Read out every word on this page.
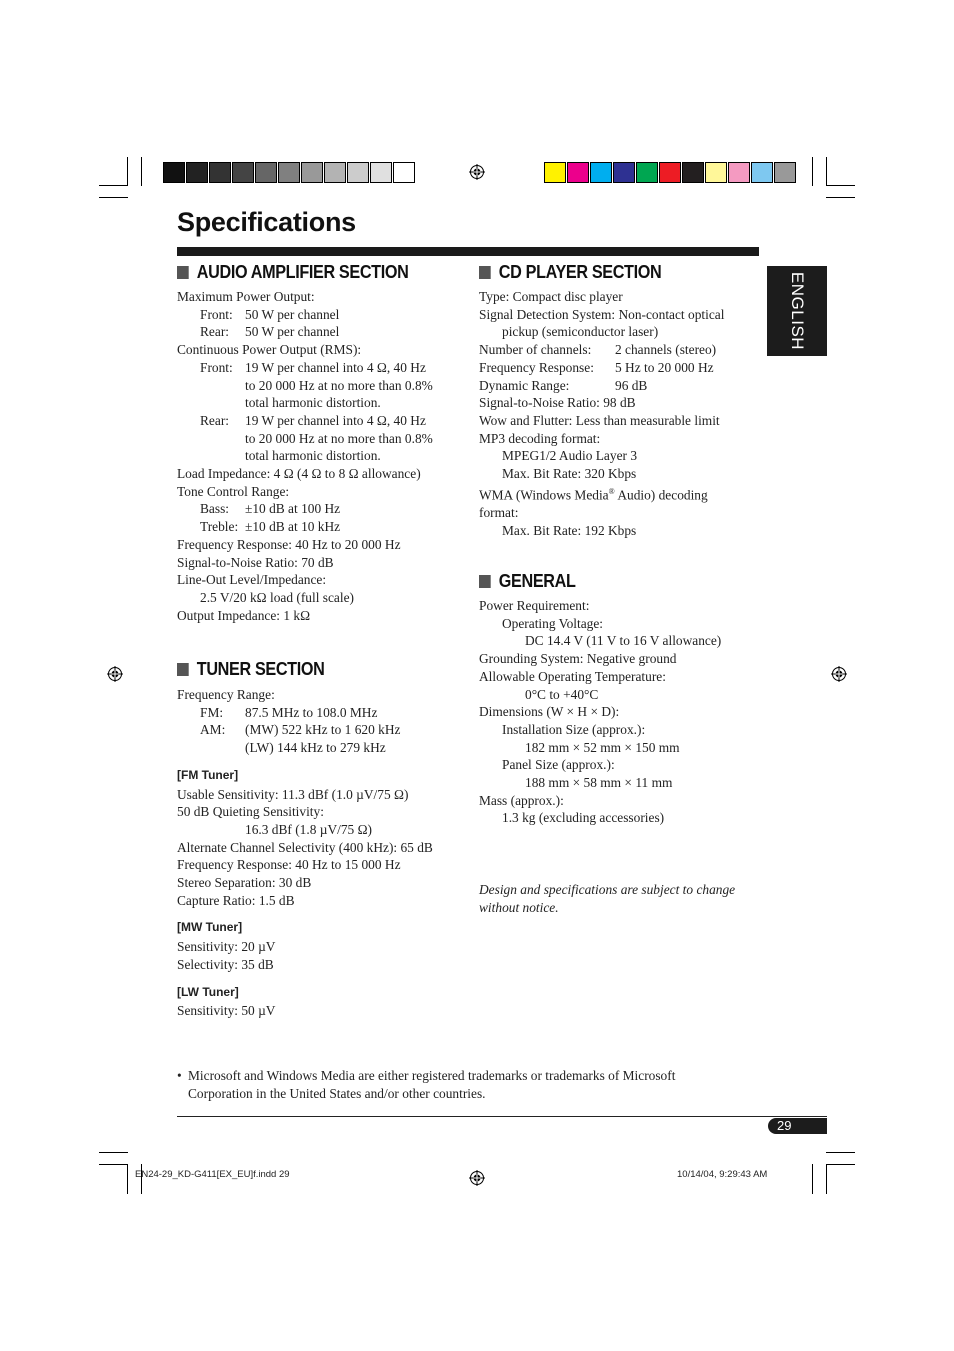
Specifications
ENGLISH
AUDIO AMPLIFIER SECTION
Maximum Power Output:
Front: 50 W per channel
Rear:	50 W per channel
Continuous Power Output (RMS):
Front: 19 W per channel into 4 Ω, 40 Hz
to 20 000 Hz at no more than 0.8%
total harmonic distortion.
Rear:	19 W per channel into 4 Ω, 40 Hz
to 20 000 Hz at no more than 0.8%
total harmonic distortion.
Load Impedance: 4 Ω (4 Ω to 8 Ω allowance)
Tone Control Range:
Bass:	±10 dB at 100 Hz
Treble: ±10 dB at 10 kHz
Frequency Response: 40 Hz to 20 000 Hz
Signal-to-Noise Ratio: 70 dB
Line-Out Level/Impedance:
2.5 V/20 kΩ load (full scale)
Output Impedance: 1 kΩ
TUNER SECTION
Frequency Range:
FM:	87.5 MHz to 108.0 MHz
AM:	(MW) 522 kHz to 1 620 kHz
(LW) 144 kHz to 279 kHz
[FM Tuner]
Usable Sensitivity: 11.3 dBf (1.0 µV/75 Ω)
50 dB Quieting Sensitivity:
16.3 dBf (1.8 µV/75 Ω)
Alternate Channel Selectivity (400 kHz): 65 dB
Frequency Response: 40 Hz to 15 000 Hz
Stereo Separation: 30 dB
Capture Ratio: 1.5 dB
[MW Tuner]
Sensitivity: 20 µV
Selectivity: 35 dB
[LW Tuner]
Sensitivity: 50 µV
CD PLAYER SECTION
Type: Compact disc player
Signal Detection System: Non-contact optical
pickup (semiconductor laser)
Number of channels:	2 channels (stereo)
Frequency Response:	5 Hz to 20 000 Hz
Dynamic Range:	96 dB
Signal-to-Noise Ratio: 98 dB
Wow and Flutter: Less than measurable limit
MP3 decoding format:
MPEG1/2 Audio Layer 3
Max. Bit Rate: 320 Kbps
WMA (Windows Media® Audio) decoding
format:
Max. Bit Rate: 192 Kbps
GENERAL
Power Requirement:
Operating Voltage:
DC 14.4 V (11 V to 16 V allowance)
Grounding System: Negative ground
Allowable Operating Temperature:
0°C to +40°C
Dimensions (W × H × D):
Installation Size (approx.):
182 mm × 52 mm × 150 mm
Panel Size (approx.):
188 mm × 58 mm × 11 mm
Mass (approx.):
1.3 kg (excluding accessories)
Design and specifications are subject to change
without notice.
• Microsoft and Windows Media are either registered trademarks or trademarks of Microsoft
Corporation in the United States and/or other countries.
29
EN24-29_KD-G411[EX_EU]f.indd 29	10/14/04, 9:29:43 AM
